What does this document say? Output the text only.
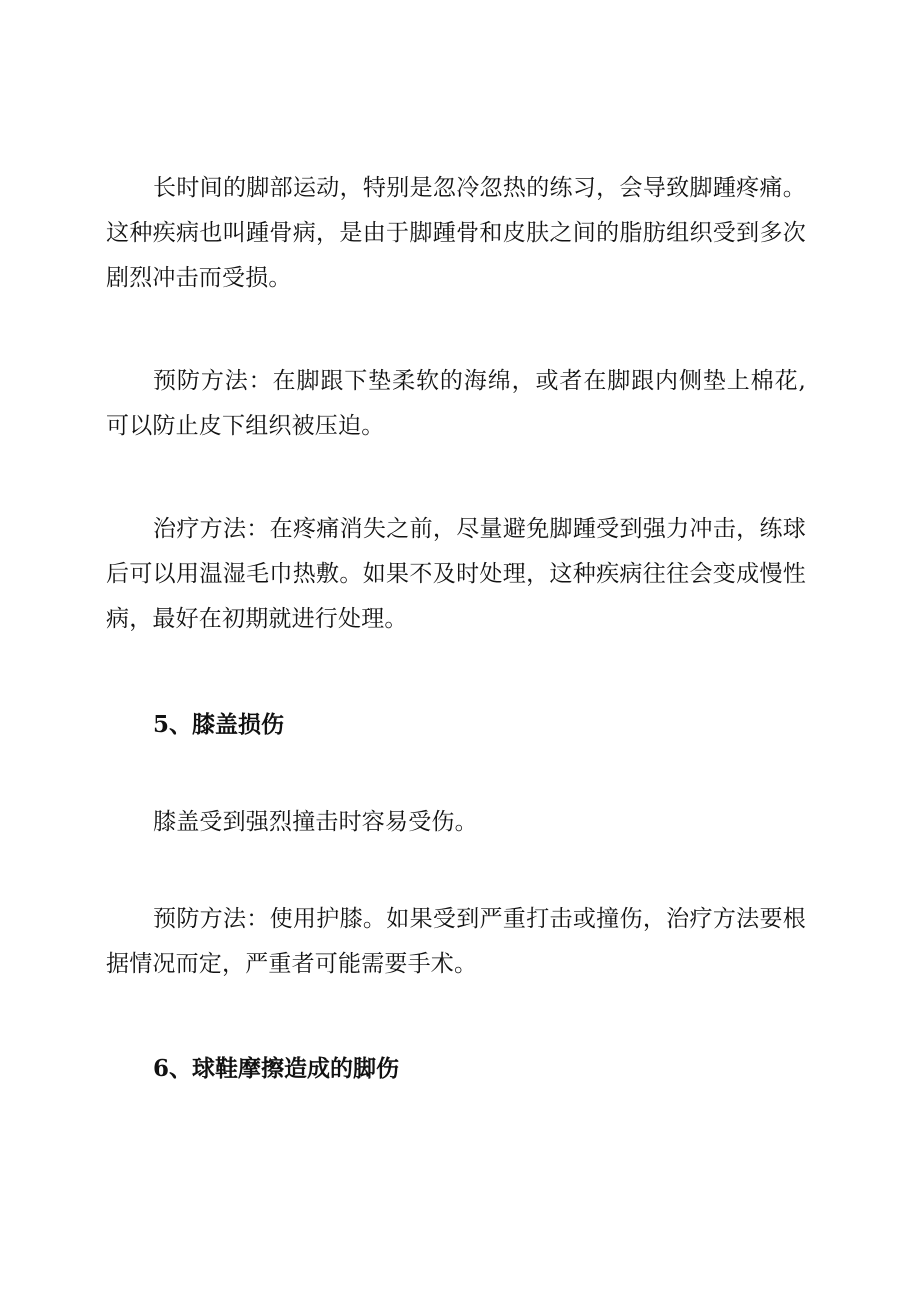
长时间的脚部运动，特别是忽冷忽热的练习，会导致脚踵疼痛。这种疾病也叫踵骨病，是由于脚踵骨和皮肤之间的脂肪组织受到多次剧烈冲击而受损。

预防方法：在脚跟下垫柔软的海绵，或者在脚跟内侧垫上棉花,可以防止皮下组织被压迫。

治疗方法：在疼痛消失之前，尽量避免脚踵受到强力冲击，练球后可以用温湿毛巾热敷。如果不及时处理，这种疾病往往会变成慢性病，最好在初期就进行处理。

5、膝盖损伤

膝盖受到强烈撞击时容易受伤。

预防方法：使用护膝。如果受到严重打击或撞伤，治疗方法要根据情况而定，严重者可能需要手术。

6、球鞋摩擦造成的脚伤
